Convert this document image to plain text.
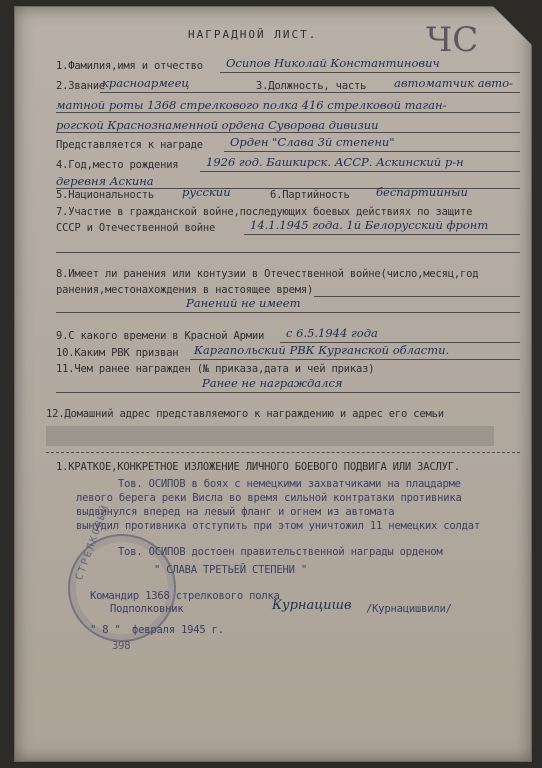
НАГРАДНОЙ ЛИСТ.	ЧС
1.Фамилия,имя и отчество Осипов Николай Константинович
2.Звание
красноармеец	3.Должность, часть автоматчик авто-
матной роты 1368 стрелкового полка 416 стрелковой таган-
рогской Краснознаменной ордена Суворова дивизии
Представляется к награде Орден "Слава 3й степени"
4.Год,место рождения 1926 год. Башкирск. АССР. Аскинский р-н
деревня Аскина
5.Национальность русский	6.Партийность беспартийный
7.Участие в гражданской войне,последующих боевых действиях по защите
СССР и Отечественной войне	14.1.1945 года. 1й Белорусский фронт
8.Имеет ли ранения или контузии в Отечественной войне(число,месяц,год
ранения,местонахождения в настоящее время)
Ранений не имеет
9.С какого времени в Красной Армии с 6.5.1944 года
10.Каким РВК призван Каргапольский РВК Курганской области.
11.Чем ранее награжден (№ приказа,дата и чей приказ)
Ранее не награждался
12.Домашний адрес представляемого к награждению и адрес его семьи
1.КРАТКОЕ,КОНКРЕТНОЕ ИЗЛОЖЕНИЕ ЛИЧНОГО БОЕВОГО ПОДВИГА ИЛИ ЗАСЛУГ.
Тов. ОСИПОВ в боях с немецкими захватчиками на плацдарме
левого берега реки Висла во время сильной контратаки противника
выдвинулся вперед на левый фланг и огнем из автомата
вынудил противника отступить при этом уничтожил 11 немецких солдат
Тов. ОСИПОВ достоен правительственной награды орденом
" СЛАВА ТРЕТЬЕЙ СТЕПЕНИ "
СТРЕЛКОВЫЙ
Командир 1368 стрелкового полка
Подполковник	Курнацишв /Курнацишвили/
" 8 " февраля 1945 г.
398
